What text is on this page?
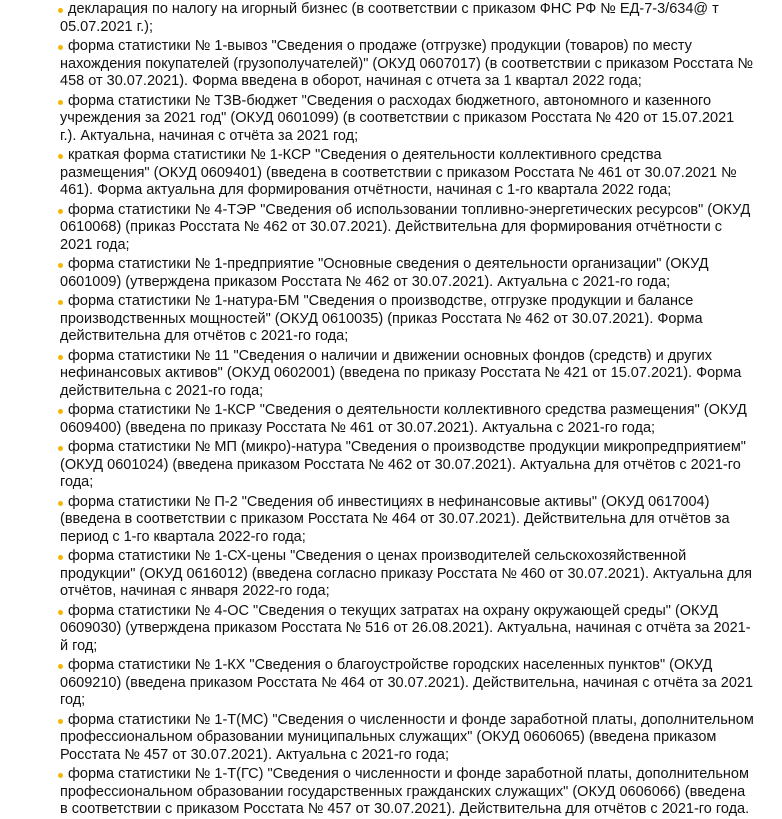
декларация по налогу на игорный бизнес (в соответствии с приказом ФНС РФ № ЕД-7-3/634@ т 05.07.2021 г.);
форма статистики № 1-вывоз "Сведения о продаже (отгрузке) продукции (товаров) по месту нахождения покупателей (грузополучателей)" (ОКУД 0607017) (в соответствии с приказом Росстата № 458 от 30.07.2021). Форма введена в оборот, начиная с отчета за 1 квартал 2022 года;
форма статистики № ТЗВ-бюджет "Сведения о расходах бюджетного, автономного и казенного учреждения за 2021 год" (ОКУД 0601099) (в соответствии с приказом Росстата № 420 от 15.07.2021 г.). Актуальна, начиная с отчёта за 2021 год;
краткая форма статистики № 1-КСР "Сведения о деятельности коллективного средства размещения" (ОКУД 0609401) (введена в соответствии с приказом Росстата № 461 от 30.07.2021 № 461). Форма актуальна для формирования отчётности, начиная с 1-го квартала 2022 года;
форма статистики № 4-ТЭР "Сведения об использовании топливно-энергетических ресурсов" (ОКУД 0610068) (приказ Росстата № 462 от 30.07.2021). Действительна для формирования отчётности с 2021 года;
форма статистики № 1-предприятие "Основные сведения о деятельности организации" (ОКУД 0601009) (утверждена приказом Росстата № 462 от 30.07.2021). Актуальна с 2021-го года;
форма статистики № 1-натура-БМ "Сведения о производстве, отгрузке продукции и балансе производственных мощностей" (ОКУД 0610035) (приказ Росстата № 462 от 30.07.2021). Форма действительна для отчётов с 2021-го года;
форма статистики № 11 "Сведения о наличии и движении основных фондов (средств) и других нефинансовых активов" (ОКУД 0602001) (введена по приказу Росстата № 421 от 15.07.2021). Форма действительна с 2021-го года;
форма статистики № 1-КСР "Сведения о деятельности коллективного средства размещения" (ОКУД 0609400) (введена по приказу Росстата № 461 от 30.07.2021). Актуальна с 2021-го года;
форма статистики № МП (микро)-натура "Сведения о производстве продукции микропредприятием" (ОКУД 0601024) (введена приказом Росстата № 462 от 30.07.2021). Актуальна для отчётов с 2021-го года;
форма статистики № П-2 "Сведения об инвестициях в нефинансовые активы" (ОКУД 0617004) (введена в соответствии с приказом Росстата № 464 от 30.07.2021). Действительна для отчётов за период с 1-го квартала 2022-го года;
форма статистики № 1-СХ-цены "Сведения о ценах производителей сельскохозяйственной продукции" (ОКУД 0616012) (введена согласно приказу Росстата № 460 от 30.07.2021). Актуальна для отчётов, начиная с января 2022-го года;
форма статистики № 4-ОС "Сведения о текущих затратах на охрану окружающей среды" (ОКУД 0609030) (утверждена приказом Росстата № 516 от 26.08.2021). Актуальна, начиная с отчёта за 2021-й год;
форма статистики № 1-КХ "Сведения о благоустройстве городских населенных пунктов" (ОКУД 0609210) (введена приказом Росстата № 464 от 30.07.2021). Действительна, начиная с отчёта за 2021 год;
форма статистики № 1-Т(МС) "Сведения о численности и фонде заработной платы, дополнительном профессиональном образовании муниципальных служащих" (ОКУД 0606065) (введена приказом Росстата № 457 от 30.07.2021). Актуальна с 2021-го года;
форма статистики № 1-Т(ГС) "Сведения о численности и фонде заработной платы, дополнительном профессиональном образовании государственных гражданских служащих" (ОКУД 0606066) (введена в соответствии с приказом Росстата № 457 от 30.07.2021). Действительна для отчётов с 2021-го года.
